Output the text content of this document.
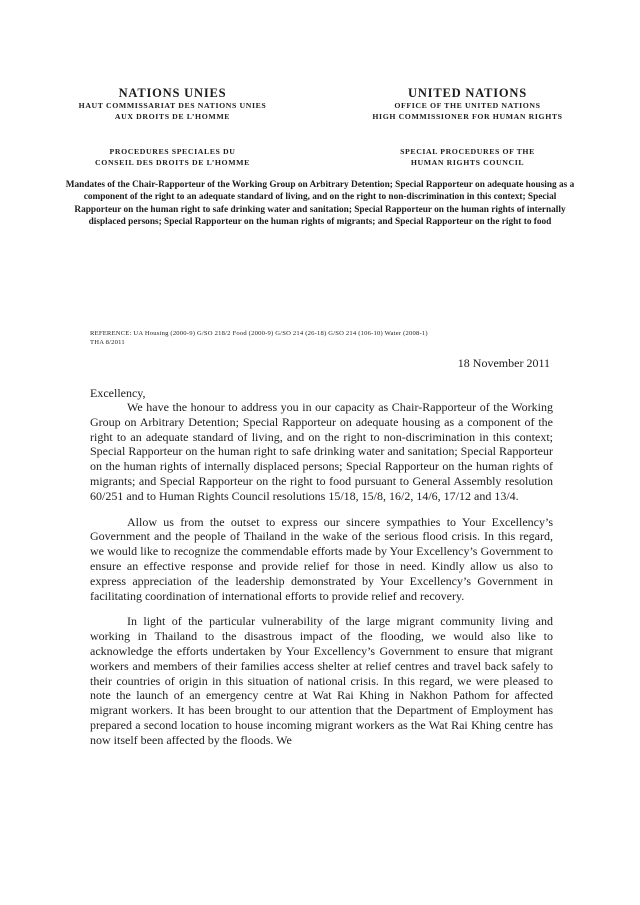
NATIONS UNIES
HAUT COMMISSARIAT DES NATIONS UNIES
AUX DROITS DE L’HOMME
PROCEDURES SPECIALES DU
CONSEIL DES DROITS DE L’HOMME
UNITED NATIONS
OFFICE OF THE UNITED NATIONS
HIGH COMMISSIONER FOR HUMAN RIGHTS
SPECIAL PROCEDURES OF THE
HUMAN RIGHTS COUNCIL
Mandates of the Chair-Rapporteur of the Working Group on Arbitrary Detention; Special Rapporteur on adequate housing as a component of the right to an adequate standard of living, and on the right to non-discrimination in this context; Special Rapporteur on the human right to safe drinking water and sanitation; Special Rapporteur on the human rights of internally displaced persons; Special Rapporteur on the human rights of migrants; and Special Rapporteur on the right to food
REFERENCE: UA Housing (2000-9) G/SO 218/2 Food (2000-9) G/SO 214 (26-18) G/SO 214 (106-10) Water (2008-1)
THA 8/2011
18 November 2011
Excellency,

We have the honour to address you in our capacity as Chair-Rapporteur of the Working Group on Arbitrary Detention; Special Rapporteur on adequate housing as a component of the right to an adequate standard of living, and on the right to non-discrimination in this context; Special Rapporteur on the human right to safe drinking water and sanitation; Special Rapporteur on the human rights of internally displaced persons; Special Rapporteur on the human rights of migrants; and Special Rapporteur on the right to food pursuant to General Assembly resolution 60/251 and to Human Rights Council resolutions 15/18, 15/8, 16/2, 14/6, 17/12 and 13/4.

Allow us from the outset to express our sincere sympathies to Your Excellency’s Government and the people of Thailand in the wake of the serious flood crisis. In this regard, we would like to recognize the commendable efforts made by Your Excellency’s Government to ensure an effective response and provide relief for those in need. Kindly allow us also to express appreciation of the leadership demonstrated by Your Excellency’s Government in facilitating coordination of international efforts to provide relief and recovery.

In light of the particular vulnerability of the large migrant community living and working in Thailand to the disastrous impact of the flooding, we would also like to acknowledge the efforts undertaken by Your Excellency’s Government to ensure that migrant workers and members of their families access shelter at relief centres and travel back safely to their countries of origin in this situation of national crisis. In this regard, we were pleased to note the launch of an emergency centre at Wat Rai Khing in Nakhon Pathom for affected migrant workers. It has been brought to our attention that the Department of Employment has prepared a second location to house incoming migrant workers as the Wat Rai Khing centre has now itself been affected by the floods. We
